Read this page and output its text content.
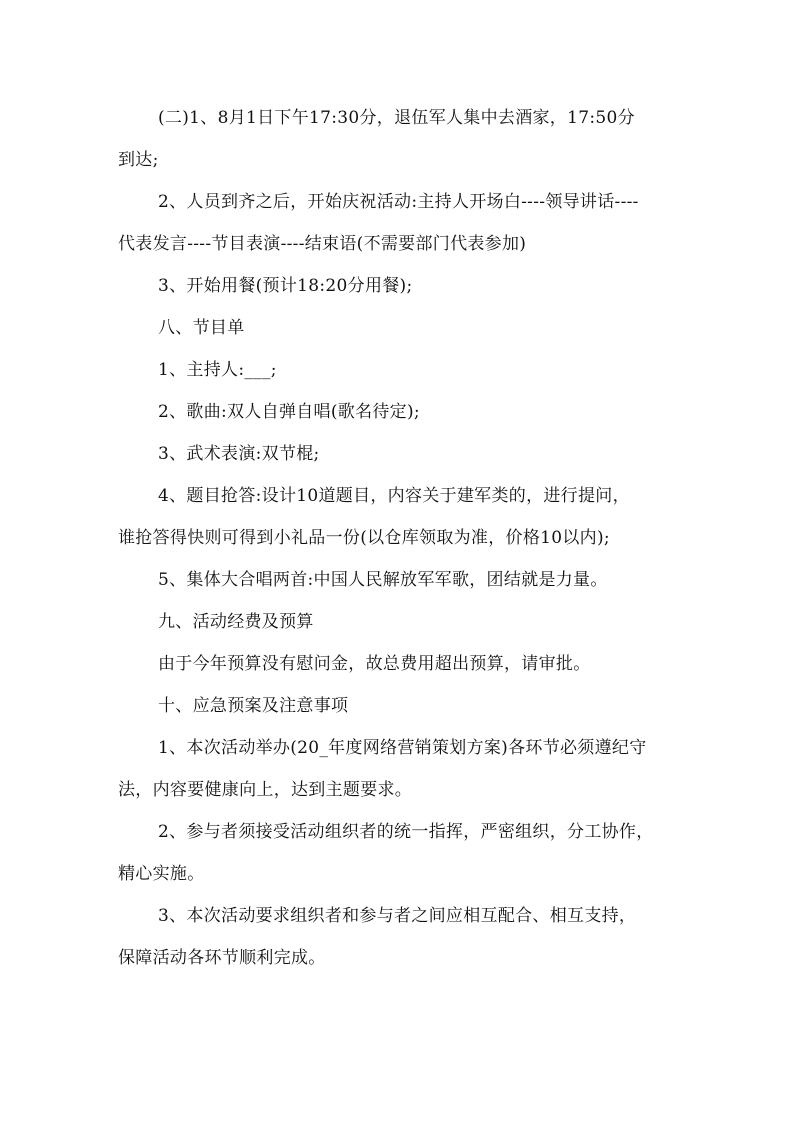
(二)1、8月1日下午17:30分，退伍军人集中去酒家，17:50分
到达;
2、人员到齐之后，开始庆祝活动:主持人开场白----领导讲话----
代表发言----节目表演----结束语(不需要部门代表参加)
3、开始用餐(预计18:20分用餐);
八、节目单
1、主持人:___;
2、歌曲:双人自弹自唱(歌名待定);
3、武术表演:双节棍;
4、题目抢答:设计10道题目，内容关于建军类的，进行提问，
谁抢答得快则可得到小礼品一份(以仓库领取为准，价格10以内);
5、集体大合唱两首:中国人民解放军军歌，团结就是力量。
九、活动经费及预算
由于今年预算没有慰问金，故总费用超出预算，请审批。
十、应急预案及注意事项
1、本次活动举办(20_年度网络营销策划方案)各环节必须遵纪守
法，内容要健康向上，达到主题要求。
2、参与者须接受活动组织者的统一指挥，严密组织，分工协作，
精心实施。
3、本次活动要求组织者和参与者之间应相互配合、相互支持，
保障活动各环节顺利完成。
